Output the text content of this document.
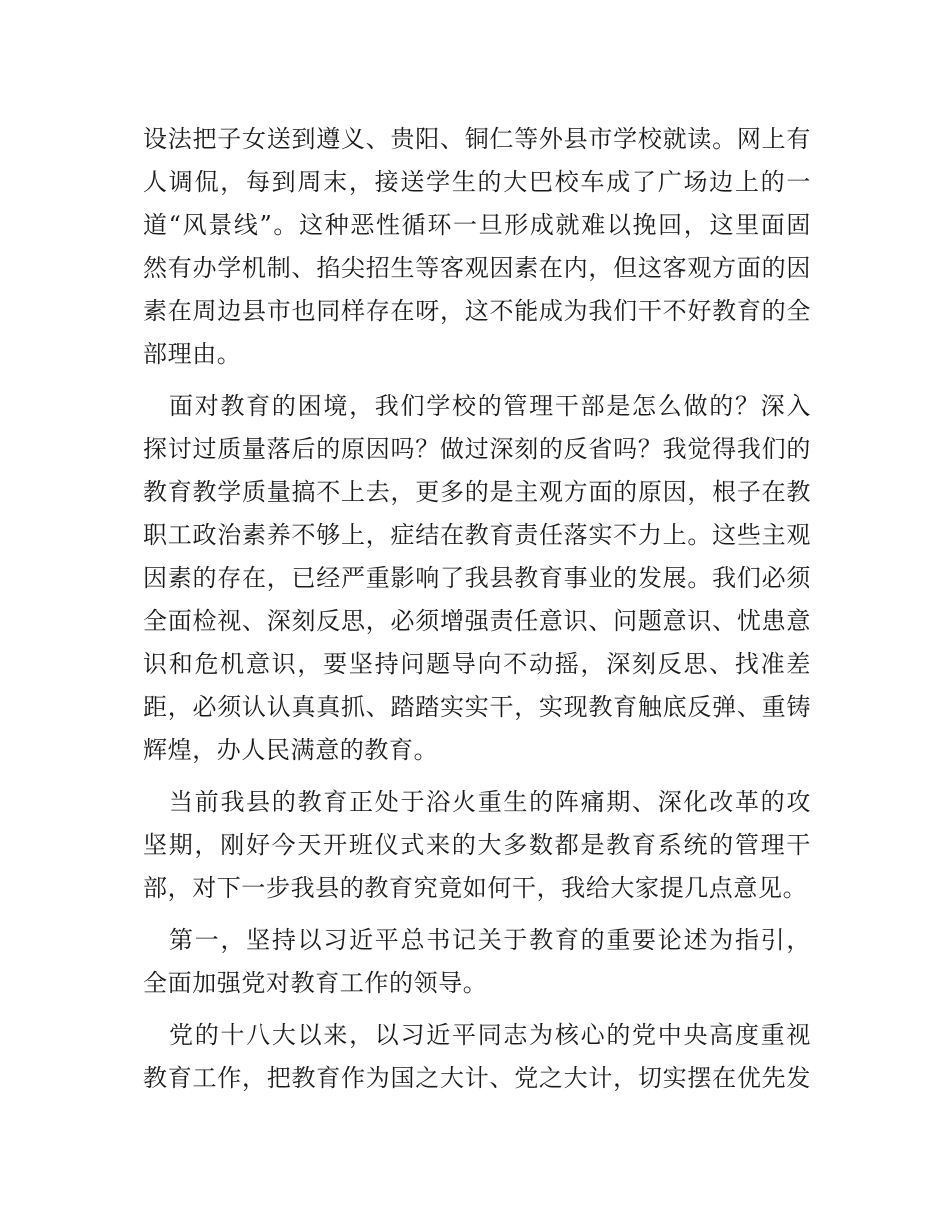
设法把子女送到遵义、贵阳、铜仁等外县市学校就读。网上有
人调侃，每到周末，接送学生的大巴校车成了广场边上的一
道“风景线”。这种恶性循环一旦形成就难以挽回，这里面固
然有办学机制、掐尖招生等客观因素在内，但这客观方面的因
素在周边县市也同样存在呀，这不能成为我们干不好教育的全
部理由。
面对教育的困境，我们学校的管理干部是怎么做的？深入
探讨过质量落后的原因吗？做过深刻的反省吗？我觉得我们的
教育教学质量搞不上去，更多的是主观方面的原因，根子在教
职工政治素养不够上，症结在教育责任落实不力上。这些主观
因素的存在，已经严重影响了我县教育事业的发展。我们必须
全面检视、深刻反思，必须增强责任意识、问题意识、忧患意
识和危机意识，要坚持问题导向不动摇，深刻反思、找准差
距，必须认认真真抓、踏踏实实干，实现教育触底反弹、重铸
辉煌，办人民满意的教育。
当前我县的教育正处于浴火重生的阵痛期、深化改革的攻
坚期，刚好今天开班仪式来的大多数都是教育系统的管理干
部，对下一步我县的教育究竟如何干，我给大家提几点意见。
第一，坚持以习近平总书记关于教育的重要论述为指引，
全面加强党对教育工作的领导。
党的十八大以来，以习近平同志为核心的党中央高度重视
教育工作，把教育作为国之大计、党之大计，切实摆在优先发
